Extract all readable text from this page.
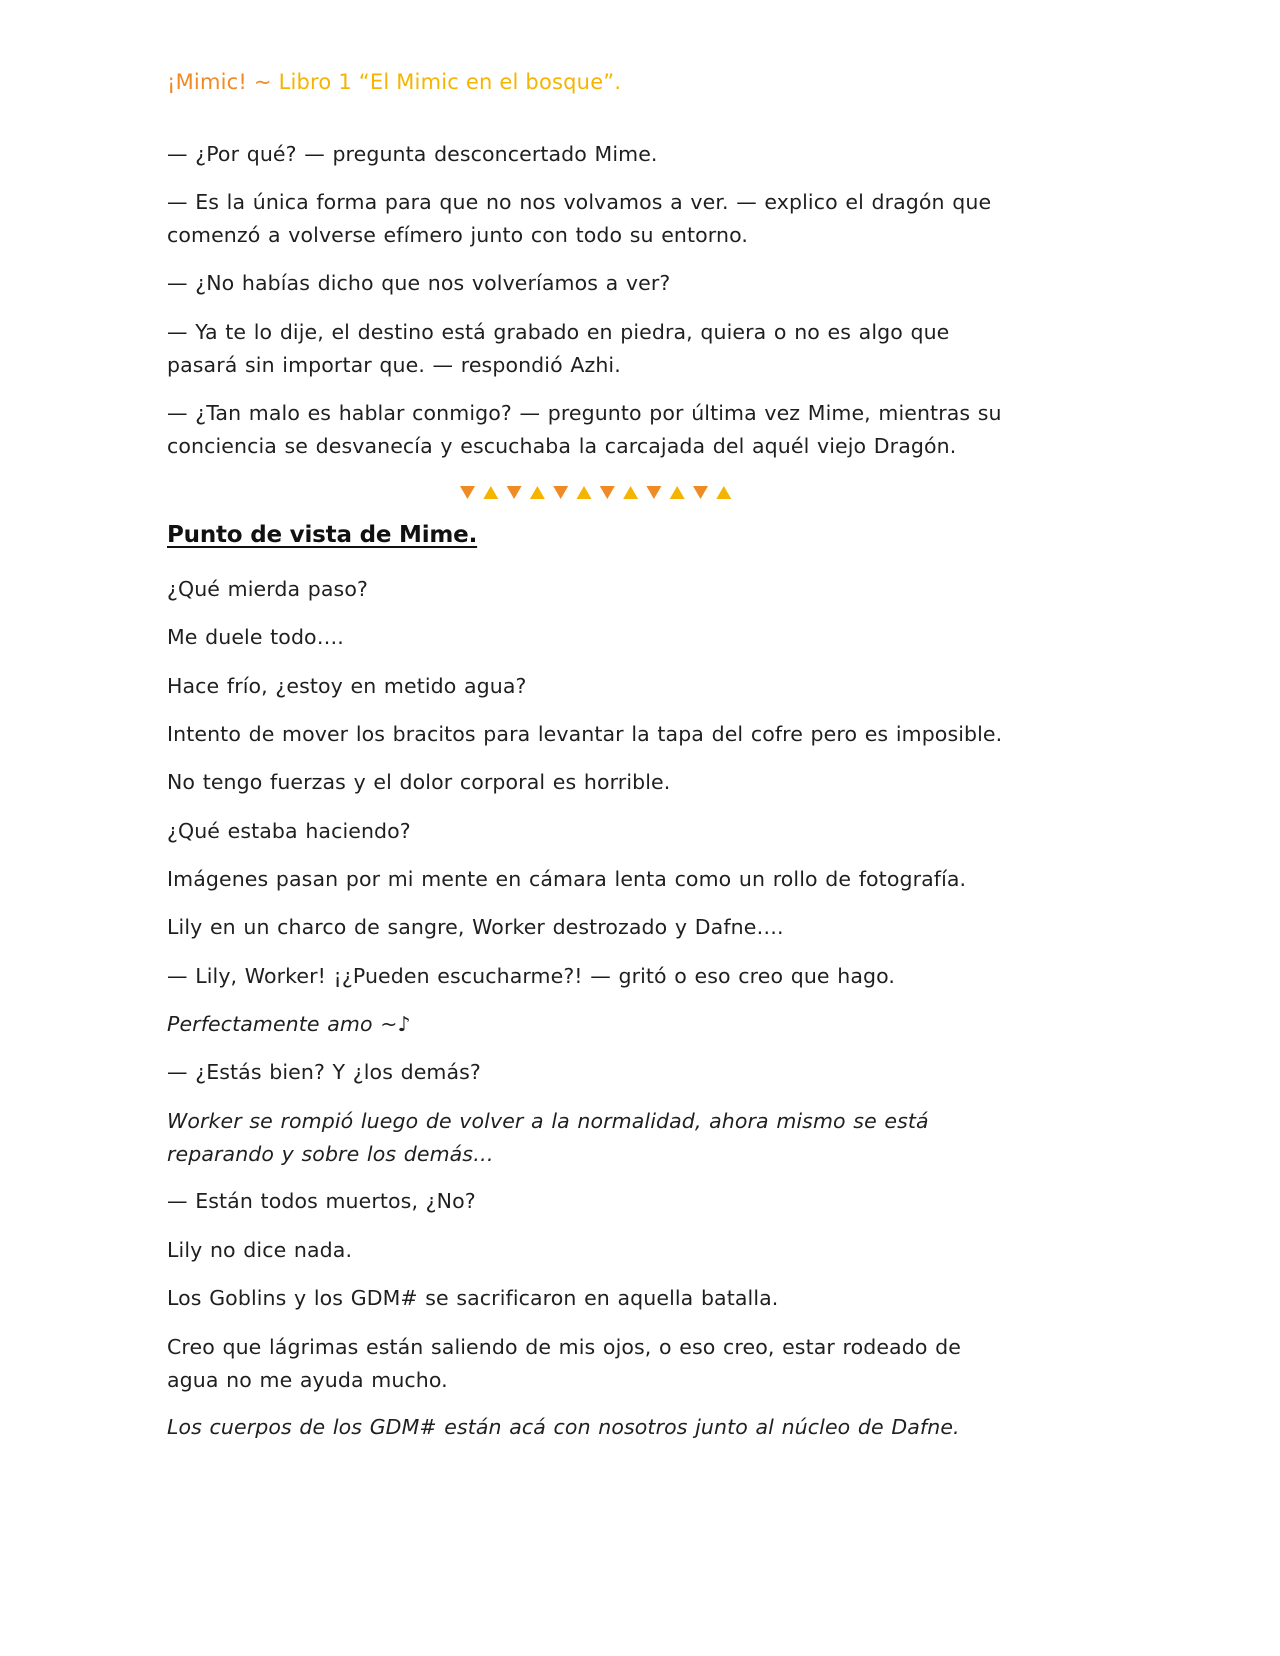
¡Mimic! ~ Libro 1 “El Mimic en el bosque”.

— ¿Por qué? — pregunta desconcertado Mime.

— Es la única forma para que no nos volvamos a ver. — explico el dragón que comenzó a volverse efímero junto con todo su entorno.

— ¿No habías dicho que nos volveríamos a ver?

— Ya te lo dije, el destino está grabado en piedra, quiera o no es algo que pasará sin importar que. — respondió Azhi.

— ¿Tan malo es hablar conmigo? — pregunto por última vez Mime, mientras su conciencia se desvanecía y escuchaba la carcajada del aquél viejo Dragón.

Punto de vista de Mime.

¿Qué mierda paso?

Me duele todo….

Hace frío, ¿estoy en metido agua?

Intento de mover los bracitos para levantar la tapa del cofre pero es imposible.

No tengo fuerzas y el dolor corporal es horrible.

¿Qué estaba haciendo?

Imágenes pasan por mi mente en cámara lenta como un rollo de fotografía.

Lily en un charco de sangre, Worker destrozado y Dafne….

— Lily, Worker! ¡¿Pueden escucharme?! — gritó o eso creo que hago.

Perfectamente amo ~♪

— ¿Estás bien? Y ¿los demás?

Worker se rompió luego de volver a la normalidad, ahora mismo se está reparando y sobre los demás…

— Están todos muertos, ¿No?

Lily no dice nada.

Los Goblins y los GDM# se sacrificaron en aquella batalla.

Creo que lágrimas están saliendo de mis ojos, o eso creo, estar rodeado de agua no me ayuda mucho.

Los cuerpos de los GDM# están acá con nosotros junto al núcleo de Dafne.
